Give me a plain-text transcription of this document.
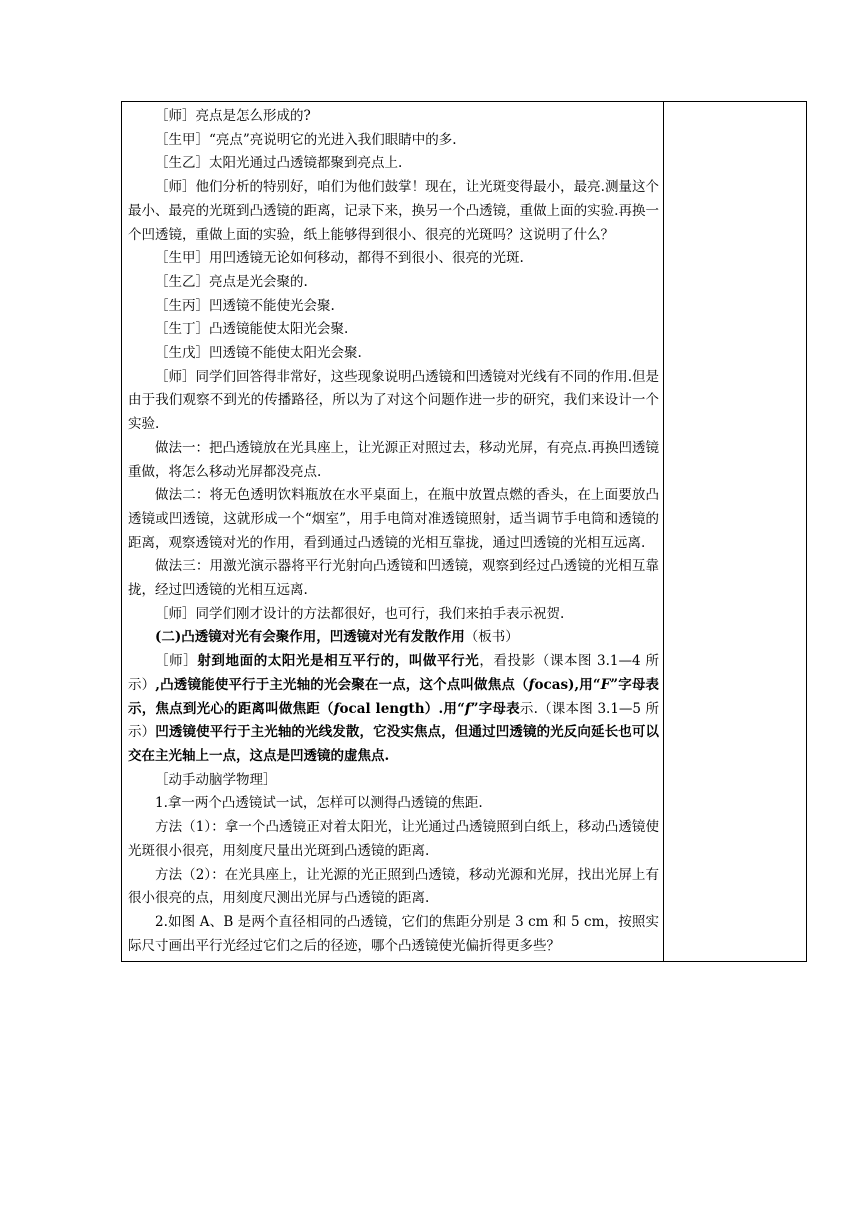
［师］亮点是怎么形成的?

［生甲］“亮点”亮说明它的光进入我们眼睛中的多.

［生乙］太阳光通过凸透镜都聚到亮点上.

［师］他们分析的特别好，咱们为他们鼓掌！现在，让光斑变得最小，最亮.测量这个最小、最亮的光斑到凸透镜的距离，记录下来，换另一个凸透镜，重做上面的实验.再换一个凹透镜，重做上面的实验，纸上能够得到很小、很亮的光斑吗？这说明了什么？

［生甲］用凹透镜无论如何移动，都得不到很小、很亮的光斑.

［生乙］亮点是光会聚的.

［生丙］凹透镜不能使光会聚.

［生丁］凸透镜能使太阳光会聚.

［生戊］凹透镜不能使太阳光会聚.

［师］同学们回答得非常好，这些现象说明凸透镜和凹透镜对光线有不同的作用.但是由于我们观察不到光的传播路径，所以为了对这个问题作进一步的研究，我们来设计一个实验.

做法一：把凸透镜放在光具座上，让光源正对照过去，移动光屏，有亮点.再换凹透镜重做，将怎么移动光屏都没亮点.

做法二：将无色透明饮料瓶放在水平桌面上，在瓶中放置点燃的香头，在上面要放凸透镜或凹透镜，这就形成一个“烟室”，用手电筒对准透镜照射，适当调节手电筒和透镜的距离，观察透镜对光的作用，看到通过凸透镜的光相互靠拢，通过凹透镜的光相互远离.

做法三：用激光演示器将平行光射向凸透镜和凹透镜，观察到经过凸透镜的光相互靠拢，经过凹透镜的光相互远离.

［师］同学们刚才设计的方法都很好，也可行，我们来拍手表示祝贺.

(二)凸透镜对光有会聚作用，凹透镜对光有发散作用（板书）

［师］射到地面的太阳光是相互平行的，叫做平行光，看投影（课本图 3.1—4 所示）,凸透镜能使平行于主光轴的光会聚在一点，这个点叫做焦点（focas),用“F”字母表示，焦点到光心的距离叫做焦距（focal length）.用“f”字母表示.（课本图 3.1—5 所示）凹透镜使平行于主光轴的光线发散，它没实焦点，但通过凹透镜的光反向延长也可以交在主光轴上一点，这点是凹透镜的虚焦点.

［动手动脑学物理］

1.拿一两个凸透镜试一试，怎样可以测得凸透镜的焦距.

方法（1）：拿一个凸透镜正对着太阳光，让光通过凸透镜照到白纸上，移动凸透镜使光斑很小很亮，用刻度尺量出光斑到凸透镜的距离.

方法（2）：在光具座上，让光源的光正照到凸透镜，移动光源和光屏，找出光屏上有很小很亮的点，用刻度尺测出光屏与凸透镜的距离.

2.如图 A、B 是两个直径相同的凸透镜，它们的焦距分别是 3 cm 和 5 cm，按照实际尺寸画出平行光经过它们之后的径迹，哪个凸透镜使光偏折得更多些？
